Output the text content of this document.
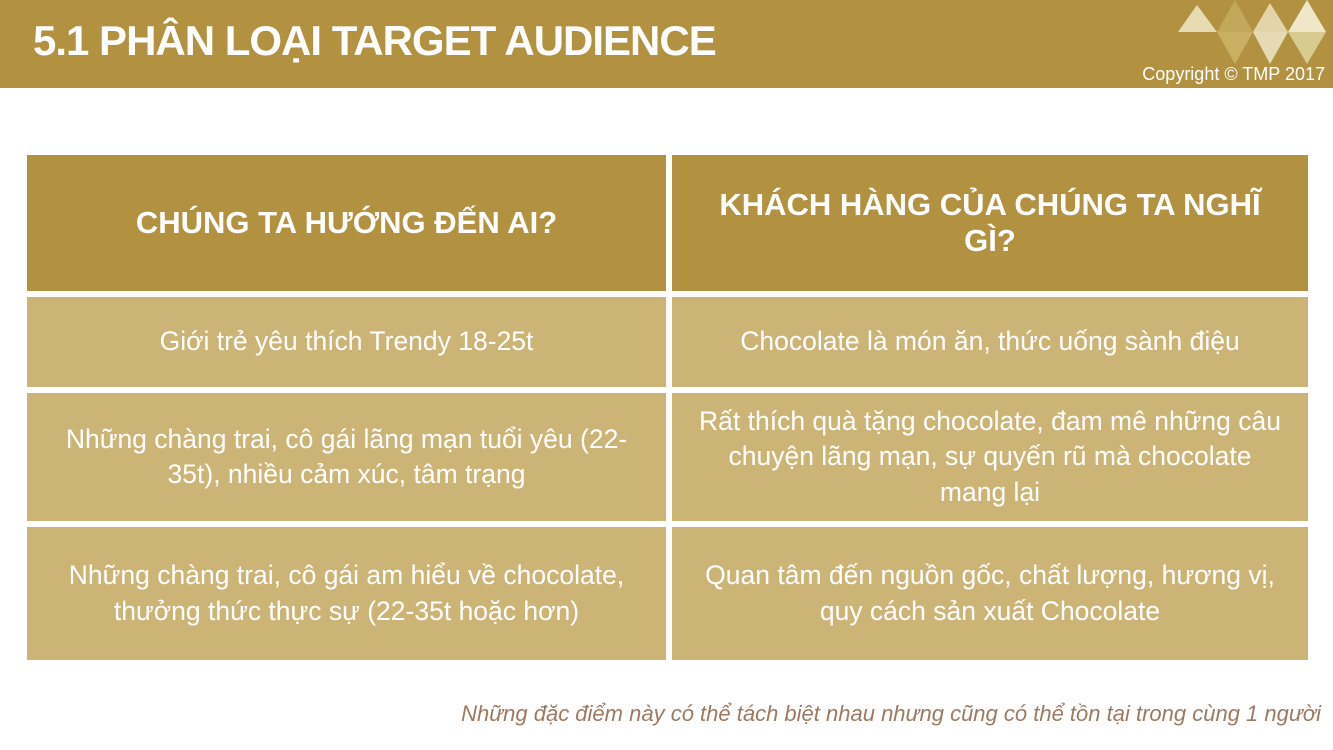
5.1 PHÂN LOẠI TARGET AUDIENCE
Copyright © TMP 2017
CHÚNG TA HƯỚNG ĐẾN AI?
KHÁCH HÀNG CỦA CHÚNG TA NGHĨ GÌ?
Giới trẻ yêu thích Trendy 18-25t	Chocolate là món ăn, thức uống sành điệu
Những chàng trai, cô gái lãng mạn tuổi yêu (22-35t), nhiều cảm xúc, tâm trạng
Rất thích quà tặng chocolate, đam mê những câu chuyện lãng mạn, sự quyến rũ mà chocolate mang lại
Những chàng trai, cô gái am hiểu về chocolate, thưởng thức thực sự (22-35t hoặc hơn)
Quan tâm đến nguồn gốc, chất lượng, hương vị, quy cách sản xuất Chocolate
Những đặc điểm này có thể tách biệt nhau nhưng cũng có thể tồn tại trong cùng 1 người
